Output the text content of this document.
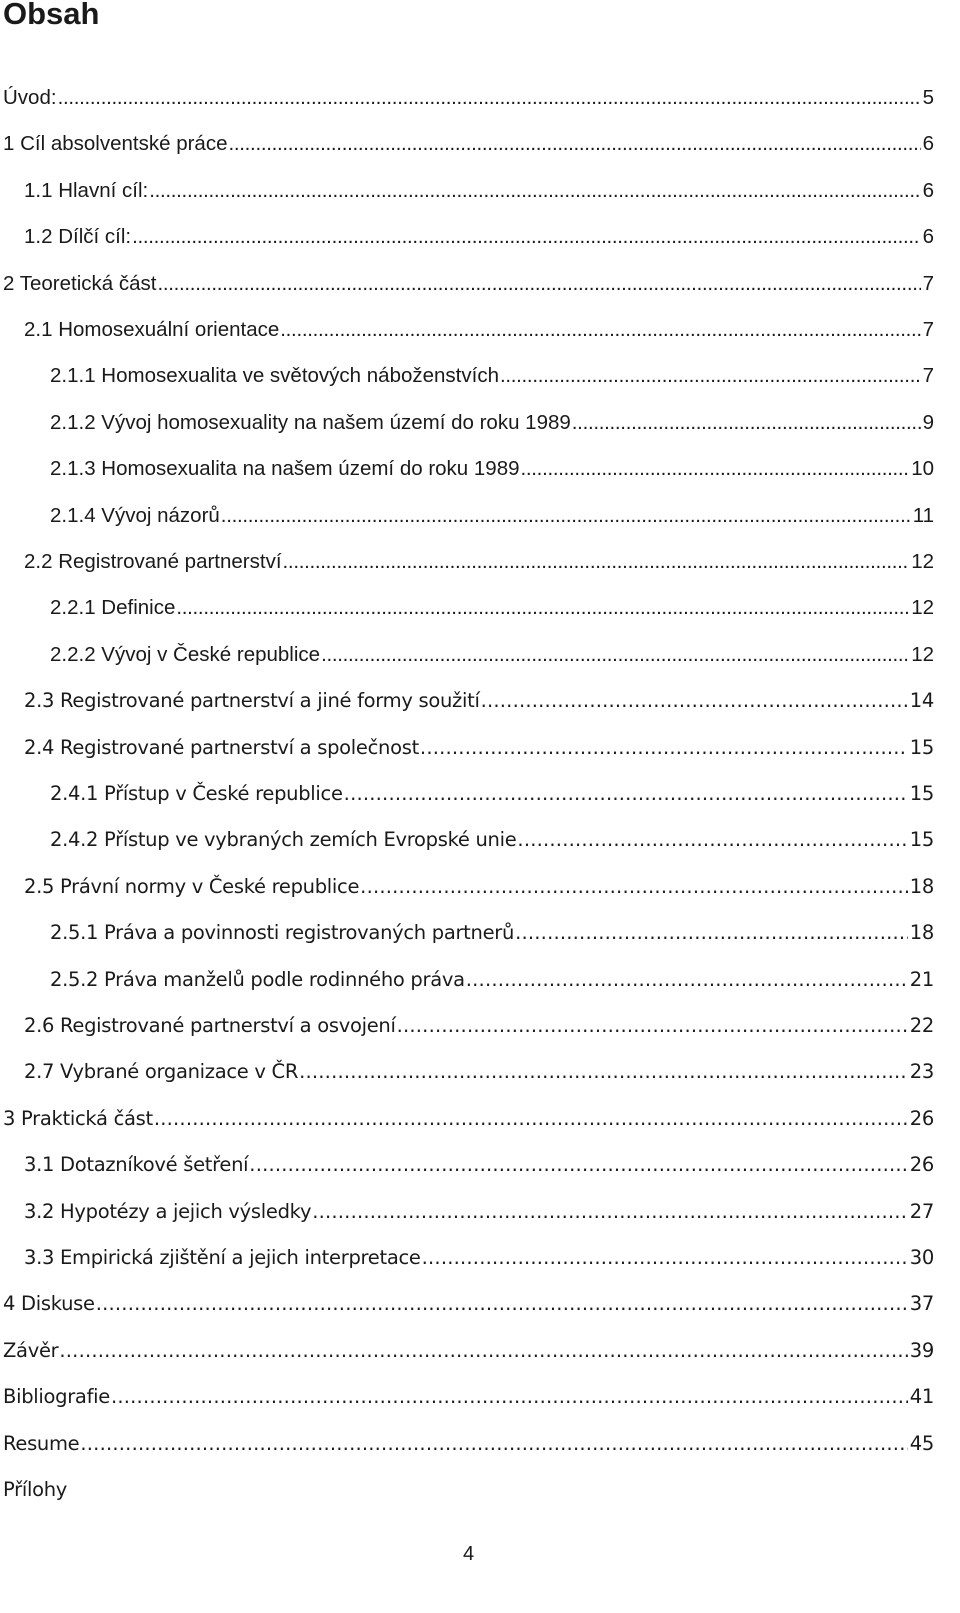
Obsah
Úvod: . . .	5
1 Cíl absolventské práce . . .	6
1.1 Hlavní cíl: . . .	6
1.2 Dílčí cíl: . . .	6
2 Teoretická část . . .	7
2.1 Homosexuální orientace . . .	7
2.1.1 Homosexualita ve světových náboženstvích . . .	7
2.1.2 Vývoj homosexuality na našem území do roku 1989 . . .	9
2.1.3 Homosexualita na našem území do roku 1989 . . .	10
2.1.4 Vývoj názorů . . .	11
2.2 Registrované partnerství . . .	12
2.2.1 Definice . . .	12
2.2.2 Vývoj v České republice . . .	12
2.3 Registrované partnerství a jiné formy soužití . . .	14
2.4 Registrované partnerství a společnost . . .	15
2.4.1 Přístup v České republice . . .	15
2.4.2 Přístup ve vybraných zemích Evropské unie . . .	15
2.5 Právní normy v České republice . . .	18
2.5.1 Práva a povinnosti registrovaných partnerů . . .	18
2.5.2 Práva manželů podle rodinného práva . . .	21
2.6 Registrované partnerství a osvojení . . .	22
2.7 Vybrané organizace v ČR . . .	23
3 Praktická část . . .	26
3.1 Dotazníkové šetření . . .	26
3.2 Hypotézy a jejich výsledky . . .	27
3.3 Empirická zjištění a jejich interpretace . . .	30
4 Diskuse . . .	37
Závěr . . .	39
Bibliografie . . .	41
Resume . . .	45
Přílohy
4
